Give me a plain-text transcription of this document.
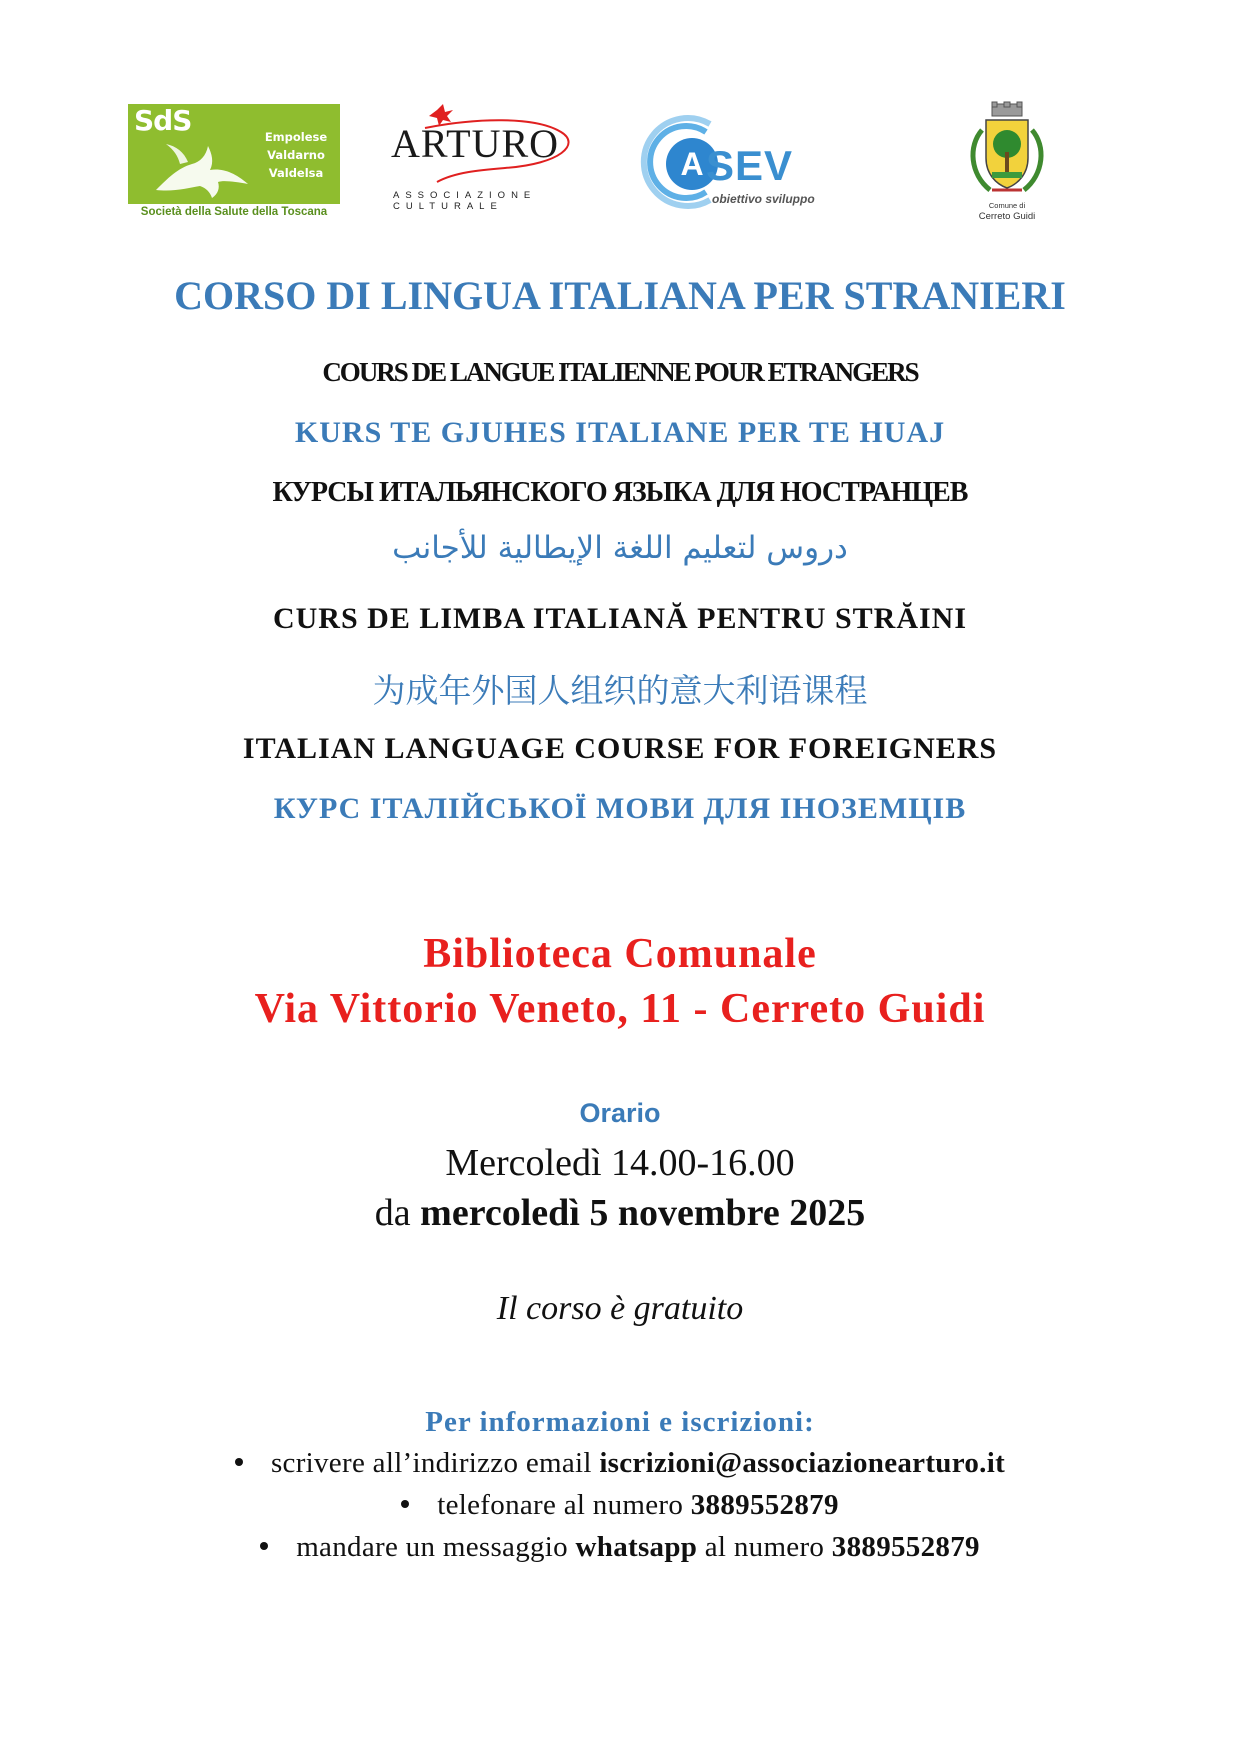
SdS	Empolese
Valdarno
Valdelsa
Società della Salute della Toscana
ARTURO
ASSOCIAZIONE
CULTURALE
A SEV
obiettivo sviluppo	Comune di
Cerreto Guidi
CORSO DI LINGUA ITALIANA PER STRANIERI
COURS DE LANGUE ITALIENNE POUR ETRANGERS
KURS TE GJUHES ITALIANE PER TE HUAJ
КУРСЫ ИТАЛЬЯНСКОГО ЯЗЫКА ДЛЯ НОСТРАНЦЕВ
دروس لتعليم اللغة الإيطالية للأجانب
CURS DE LIMBA ITALIANĂ PENTRU STRĂINI
为成年外国人组织的意大利语课程
ITALIAN LANGUAGE COURSE FOR FOREIGNERS
КУРС ІТАЛІЙСЬКОЇ МОВИ ДЛЯ ІНОЗЕМЦІВ
Biblioteca Comunale
Via Vittorio Veneto, 11 - Cerreto Guidi
Orario
Mercoledì 14.00-16.00
da mercoledì 5 novembre 2025
Il corso è gratuito
Per informazioni e iscrizioni:
scrivere all’indirizzo email iscrizioni@associazionearturo.it
telefonare al numero 3889552879
mandare un messaggio whatsapp al numero 3889552879
